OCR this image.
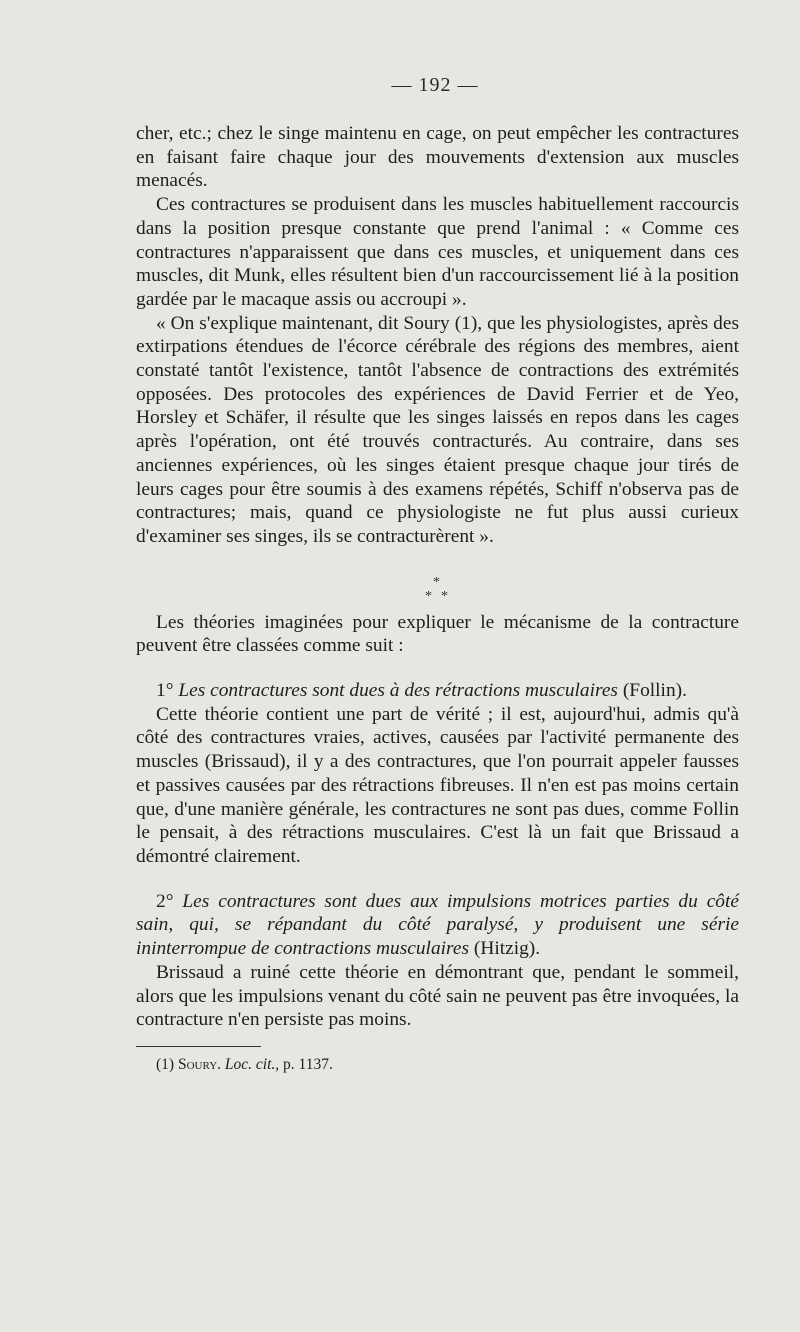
— 192 —

cher, etc.; chez le singe maintenu en cage, on peut empêcher les contractures en faisant faire chaque jour des mouvements d'extension aux muscles menacés.

Ces contractures se produisent dans les muscles habituellement raccourcis dans la position presque constante que prend l'animal : « Comme ces contractures n'apparaissent que dans ces muscles, et uniquement dans ces muscles, dit Munk, elles résultent bien d'un raccourcissement lié à la position gardée par le macaque assis ou accroupi ».

« On s'explique maintenant, dit Soury (1), que les physiologistes, après des extirpations étendues de l'écorce cérébrale des régions des membres, aient constaté tantôt l'existence, tantôt l'absence de contractions des extrémités opposées. Des protocoles des expériences de David Ferrier et de Yeo, Horsley et Schäfer, il résulte que les singes laissés en repos dans les cages après l'opération, ont été trouvés contracturés. Au contraire, dans ses anciennes expériences, où les singes étaient presque chaque jour tirés de leurs cages pour être soumis à des examens répétés, Schiff n'observa pas de contractures; mais, quand ce physiologiste ne fut plus aussi curieux d'examiner ses singes, ils se contracturèrent ».

*
* *

Les théories imaginées pour expliquer le mécanisme de la contracture peuvent être classées comme suit :

1° Les contractures sont dues à des rétractions musculaires (Follin).

Cette théorie contient une part de vérité ; il est, aujourd'hui, admis qu'à côté des contractures vraies, actives, causées par l'activité permanente des muscles (Brissaud), il y a des contractures, que l'on pourrait appeler fausses et passives causées par des rétractions fibreuses. Il n'en est pas moins certain que, d'une manière générale, les contractures ne sont pas dues, comme Follin le pensait, à des rétractions musculaires. C'est là un fait que Brissaud a démontré clairement.

2° Les contractures sont dues aux impulsions motrices parties du côté sain, qui, se répandant du côté paralysé, y produisent une série ininterrompue de contractions musculaires (Hitzig).

Brissaud a ruiné cette théorie en démontrant que, pendant le sommeil, alors que les impulsions venant du côté sain ne peuvent pas être invoquées, la contracture n'en persiste pas moins.

(1) Soury. Loc. cit., p. 1137.
